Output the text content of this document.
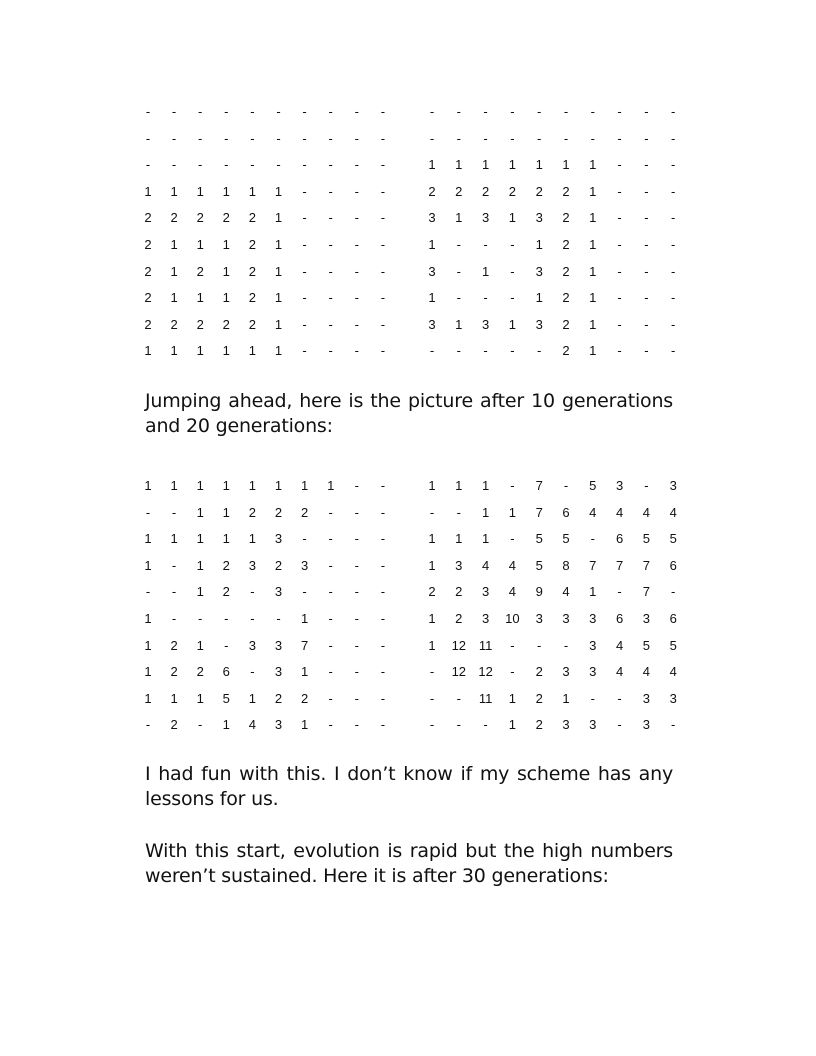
-	-	-	-	-	-	-	-	-	-
-	-	-	-	-	-	-	-	-	-
-	-	-	-	-	-	-	-	-	-
1	1	1	1	1	1	-	-	-	-
2	2	2	2	2	1	-	-	-	-
2	1	1	1	2	1	-	-	-	-
2	1	2	1	2	1	-	-	-	-
2	1	1	1	2	1	-	-	-	-
2	2	2	2	2	1	-	-	-	-
1	1	1	1	1	1	-	-	-	-
-	-	-	-	-	-	-	-	-	-
-	-	-	-	-	-	-	-	-	-
1	1	1	1	1	1	1	-	-	-
2	2	2	2	2	2	1	-	-	-
3	1	3	1	3	2	1	-	-	-
1	-	-	-	1	2	1	-	-	-
3	-	1	-	3	2	1	-	-	-
1	-	-	-	1	2	1	-	-	-
3	1	3	1	3	2	1	-	-	-
-	-	-	-	-	2	1	-	-	-

Jumping ahead, here is the picture after 10 generations and 20 generations:

1	1	1	1	1	1	1	1	-	-
-	-	1	1	2	2	2	-	-	-
1	1	1	1	1	3	-	-	-	-
1	-	1	2	3	2	3	-	-	-
-	-	1	2	-	3	-	-	-	-
1	-	-	-	-	-	1	-	-	-
1	2	1	-	3	3	7	-	-	-
1	2	2	6	-	3	1	-	-	-
1	1	1	5	1	2	2	-	-	-
-	2	-	1	4	3	1	-	-	-
1	1	1	-	7	-	5	3	-	3
-	-	1	1	7	6	4	4	4	4
1	1	1	-	5	5	-	6	5	5
1	3	4	4	5	8	7	7	7	6
2	2	3	4	9	4	1	-	7	-
1	2	3	10	3	3	3	6	3	6
1	12 11	-	-	-	3	4	5	5
-	12 12	-	2	3	3	4	4	4
-	-	11	1	2	1	-	-	3	3
-	-	-	1	2	3	3	-	3	-

I had fun with this. I don’t know if my scheme has any lessons for us.

With this start, evolution is rapid but the high numbers weren’t sustained. Here it is after 30 generations:
